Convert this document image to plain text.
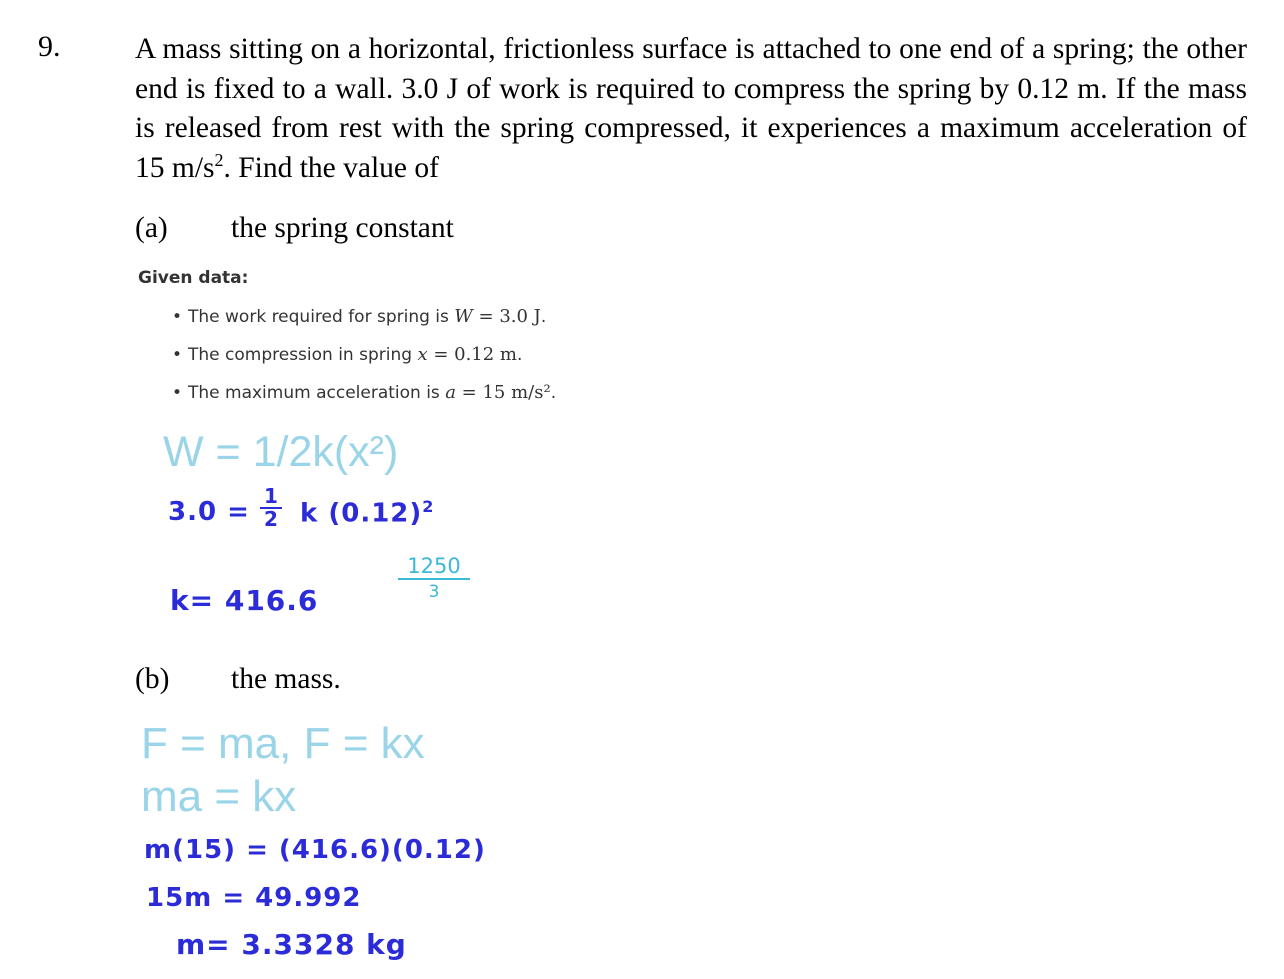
9.	A mass sitting on a horizontal, frictionless surface is attached to one end of a spring; the other end is fixed to a wall. 3.0 J of work is required to compress the spring by 0.12 m. If the mass is released from rest with the spring compressed, it experiences a maximum acceleration of 15 $m/s^2$. Find the value of
(a) the spring constant
Given data:
• The work required for spring is W = 3.0 J.
• The compression in spring x = 0.12 m.
• The maximum acceleration is a = 15 m/s².
W = 1/2k(x²)
3.0 =
1
2 k $(0.12)^2$
k= 416.6
1250
3
(b) the mass.
F = ma, F = kx
ma = kx
m(15) = (416.6)(0.12)
15m = 49.992
m= 3.3328 kg
